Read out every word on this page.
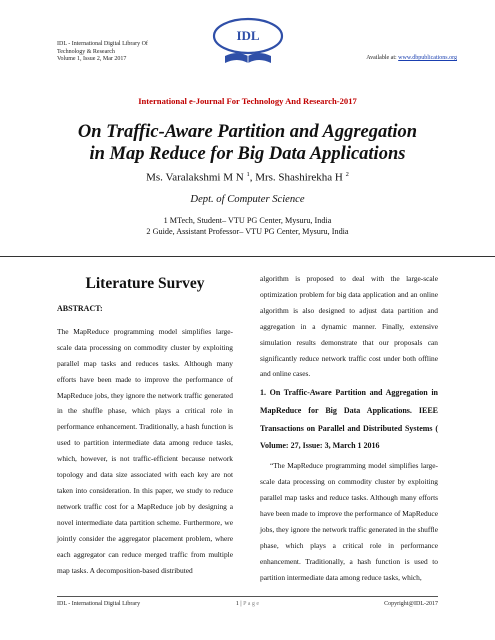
IDL - International Digital Library Of
Technology & Research
Volume 1, Issue 2, Mar 2017
IDL
Available at: www.dbpublications.org
International e-Journal For Technology And Research-2017
On Traffic-Aware Partition and Aggregation
in Map Reduce for Big Data Applications
Ms. Varalakshmi M N $^1$, Mrs. Shashirekha H $^2$
Dept. of Computer Science
1 MTech, Student– VTU PG Center, Mysuru, India
2 Guide, Assistant Professor– VTU PG Center, Mysuru, India
Literature Survey
ABSTRACT:

The MapReduce programming model simplifies large-scale data processing on commodity cluster by exploiting parallel map tasks and reduces tasks. Although many efforts have been made to improve the performance of MapReduce jobs, they ignore the network traffic generated in the shuffle phase, which plays a critical role in performance enhancement. Traditionally, a hash function is used to partition intermediate data among reduce tasks, which, however, is not traffic-efficient because network topology and data size associated with each key are not taken into consideration. In this paper, we study to reduce network traffic cost for a MapReduce job by designing a novel intermediate data partition scheme. Furthermore, we jointly consider the aggregator placement problem, where each aggregator can reduce merged traffic from multiple map tasks. A decomposition-based distributed

algorithm is proposed to deal with the large-scale optimization problem for big data application and an online algorithm is also designed to adjust data partition and aggregation in a dynamic manner. Finally, extensive simulation results demonstrate that our proposals can significantly reduce network traffic cost under both offline and online cases.

1. On Traffic-Aware Partition and Aggregation in MapReduce for Big Data Applications. IEEE Transactions on Parallel and Distributed Systems ( Volume: 27, Issue: 3, March 1 2016

“The MapReduce programming model simplifies large-scale data processing on commodity cluster by exploiting parallel map tasks and reduce tasks. Although many efforts have been made to improve the performance of MapReduce jobs, they ignore the network traffic generated in the shuffle phase, which plays a critical role in performance enhancement. Traditionally, a hash function is used to partition intermediate data among reduce tasks, which,

IDL - International Digital Library	1 | P a g e	Copyright@IDL-2017
